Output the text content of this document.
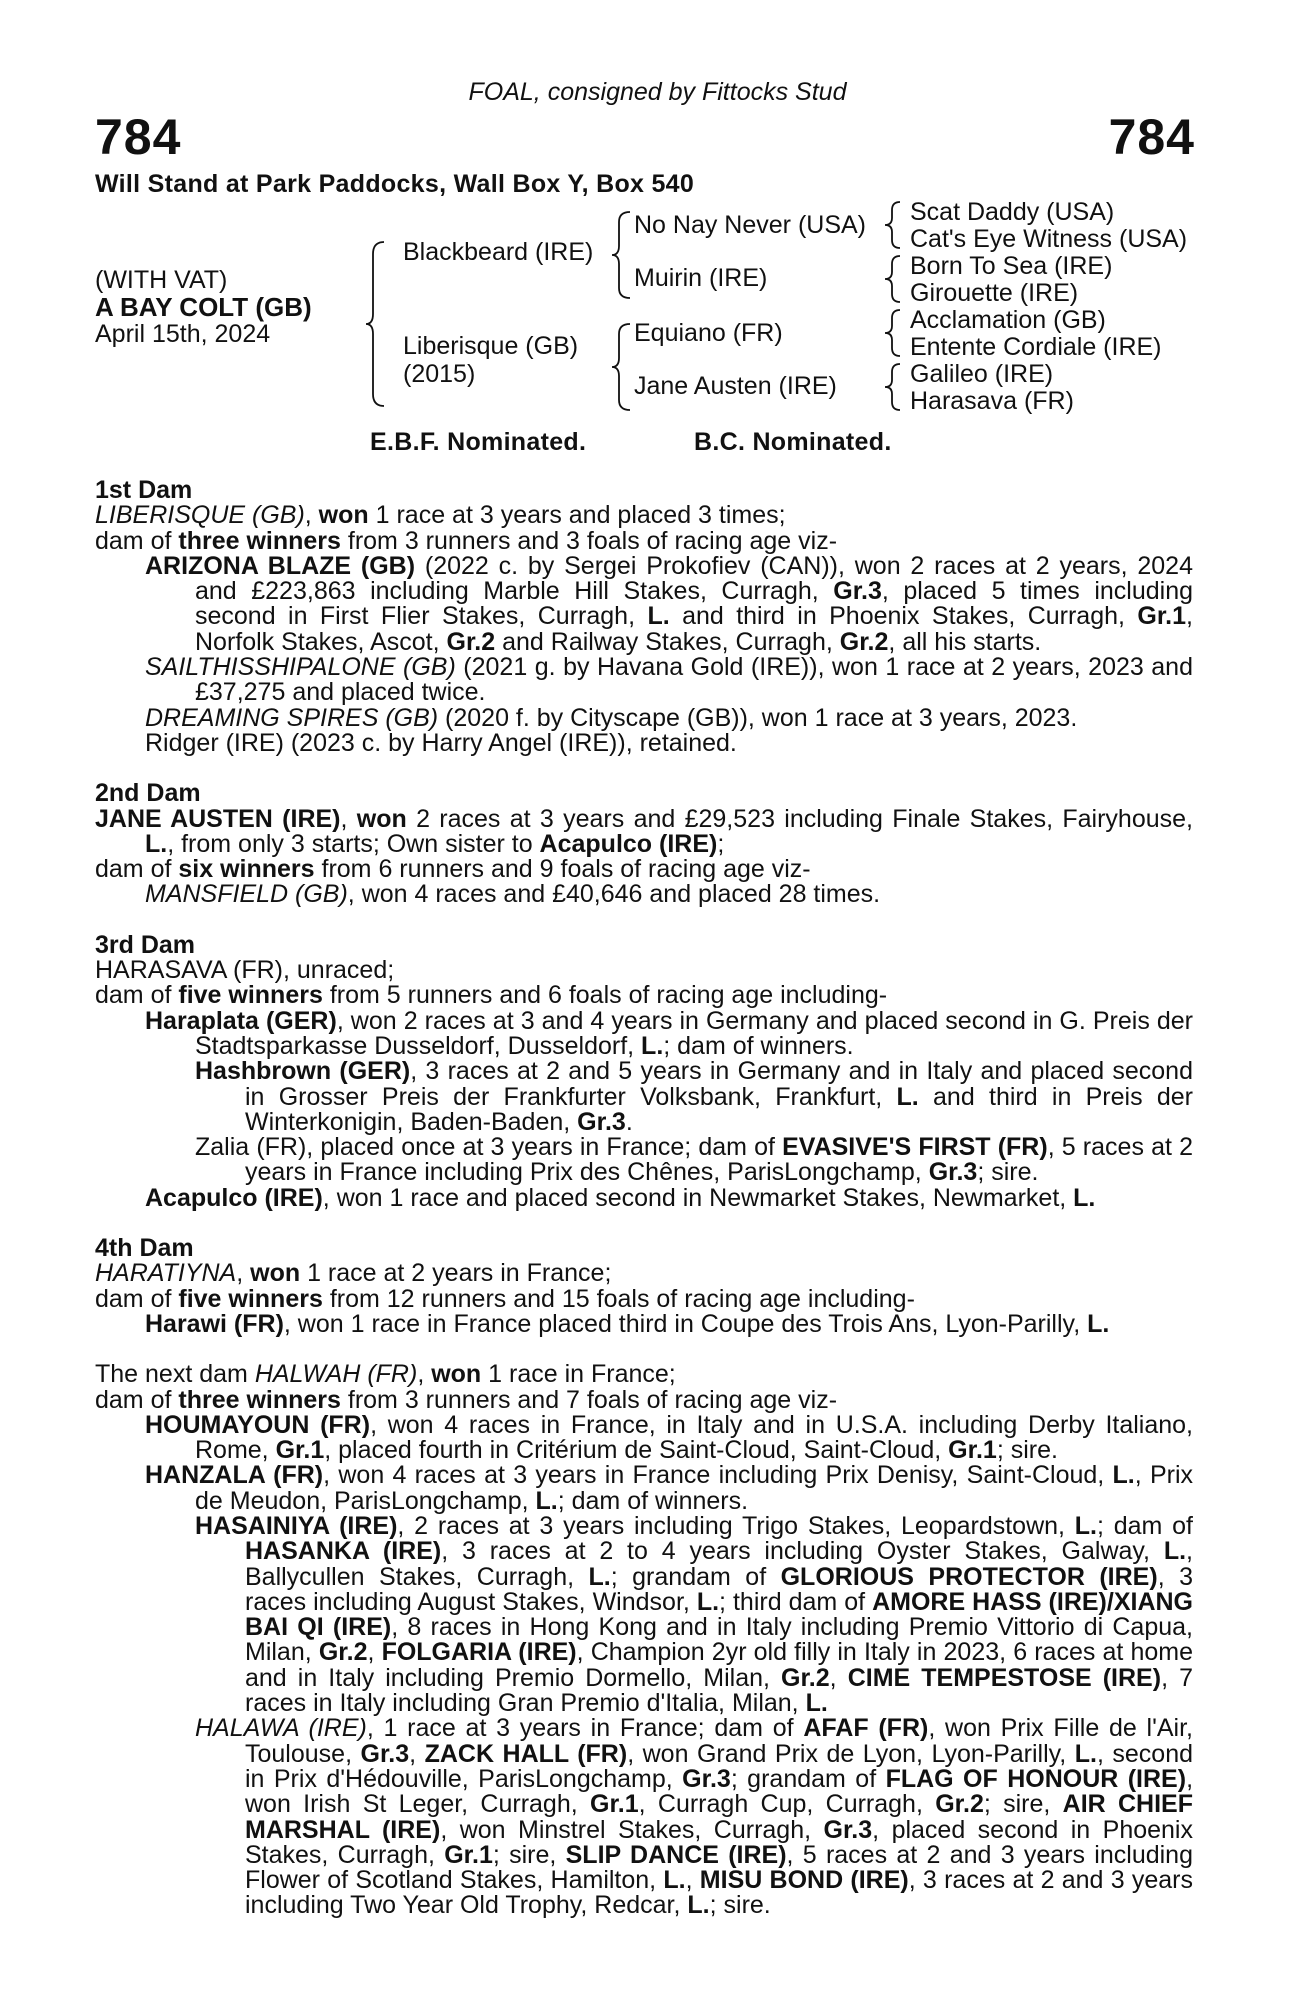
FOAL, consigned by Fittocks Stud
784	784
Will Stand at Park Paddocks, Wall Box Y, Box 540
(WITH VAT)
A BAY COLT (GB)
April 15th, 2024
Blackbeard (IRE)
Liberisque (GB)
(2015)
No Nay Never (USA)
Muirin (IRE)
Equiano (FR)
Jane Austen (IRE)
Scat Daddy (USA)
Cat's Eye Witness (USA)
Born To Sea (IRE)
Girouette (IRE)
Acclamation (GB)
Entente Cordiale (IRE)
Galileo (IRE)
Harasava (FR)
E.B.F. Nominated.	B.C. Nominated.
1st Dam
LIBERISQUE (GB), won 1 race at 3 years and placed 3 times;
dam of three winners from 3 runners and 3 foals of racing age viz-
ARIZONA BLAZE (GB) (2022 c. by Sergei Prokofiev (CAN)), won 2 races at 2 years, 2024 and £223,863 including Marble Hill Stakes, Curragh, Gr.3, placed 5 times including second in First Flier Stakes, Curragh, L. and third in Phoenix Stakes, Curragh, Gr.1, Norfolk Stakes, Ascot, Gr.2 and Railway Stakes, Curragh, Gr.2, all his starts.
SAILTHISSHIPALONE (GB) (2021 g. by Havana Gold (IRE)), won 1 race at 2 years, 2023 and £37,275 and placed twice.
DREAMING SPIRES (GB) (2020 f. by Cityscape (GB)), won 1 race at 3 years, 2023.
Ridger (IRE) (2023 c. by Harry Angel (IRE)), retained.
2nd Dam
JANE AUSTEN (IRE), won 2 races at 3 years and £29,523 including Finale Stakes, Fairyhouse, L., from only 3 starts; Own sister to Acapulco (IRE);
dam of six winners from 6 runners and 9 foals of racing age viz-
MANSFIELD (GB), won 4 races and £40,646 and placed 28 times.
3rd Dam
HARASAVA (FR), unraced;
dam of five winners from 5 runners and 6 foals of racing age including-
Haraplata (GER), won 2 races at 3 and 4 years in Germany and placed second in G. Preis der Stadtsparkasse Dusseldorf, Dusseldorf, L.; dam of winners.
Hashbrown (GER), 3 races at 2 and 5 years in Germany and in Italy and placed second in Grosser Preis der Frankfurter Volksbank, Frankfurt, L. and third in Preis der Winterkonigin, Baden-Baden, Gr.3.
Zalia (FR), placed once at 3 years in France; dam of EVASIVE'S FIRST (FR), 5 races at 2 years in France including Prix des Chênes, ParisLongchamp, Gr.3; sire.
Acapulco (IRE), won 1 race and placed second in Newmarket Stakes, Newmarket, L.
4th Dam
HARATIYNA, won 1 race at 2 years in France;
dam of five winners from 12 runners and 15 foals of racing age including-
Harawi (FR), won 1 race in France placed third in Coupe des Trois Ans, Lyon-Parilly, L.
The next dam HALWAH (FR), won 1 race in France;
dam of three winners from 3 runners and 7 foals of racing age viz-
HOUMAYOUN (FR), won 4 races in France, in Italy and in U.S.A. including Derby Italiano, Rome, Gr.1, placed fourth in Critérium de Saint-Cloud, Saint-Cloud, Gr.1; sire.
HANZALA (FR), won 4 races at 3 years in France including Prix Denisy, Saint-Cloud, L., Prix de Meudon, ParisLongchamp, L.; dam of winners.
HASAINIYA (IRE), 2 races at 3 years including Trigo Stakes, Leopardstown, L.; dam of HASANKA (IRE), 3 races at 2 to 4 years including Oyster Stakes, Galway, L., Ballycullen Stakes, Curragh, L.; grandam of GLORIOUS PROTECTOR (IRE), 3 races including August Stakes, Windsor, L.; third dam of AMORE HASS (IRE)/XIANG BAI QI (IRE), 8 races in Hong Kong and in Italy including Premio Vittorio di Capua, Milan, Gr.2, FOLGARIA (IRE), Champion 2yr old filly in Italy in 2023, 6 races at home and in Italy including Premio Dormello, Milan, Gr.2, CIME TEMPESTOSE (IRE), 7 races in Italy including Gran Premio d'Italia, Milan, L.
HALAWA (IRE), 1 race at 3 years in France; dam of AFAF (FR), won Prix Fille de l'Air, Toulouse, Gr.3, ZACK HALL (FR), won Grand Prix de Lyon, Lyon-Parilly, L., second in Prix d'Hédouville, ParisLongchamp, Gr.3; grandam of FLAG OF HONOUR (IRE), won Irish St Leger, Curragh, Gr.1, Curragh Cup, Curragh, Gr.2; sire, AIR CHIEF MARSHAL (IRE), won Minstrel Stakes, Curragh, Gr.3, placed second in Phoenix Stakes, Curragh, Gr.1; sire, SLIP DANCE (IRE), 5 races at 2 and 3 years including Flower of Scotland Stakes, Hamilton, L., MISU BOND (IRE), 3 races at 2 and 3 years including Two Year Old Trophy, Redcar, L.; sire.
